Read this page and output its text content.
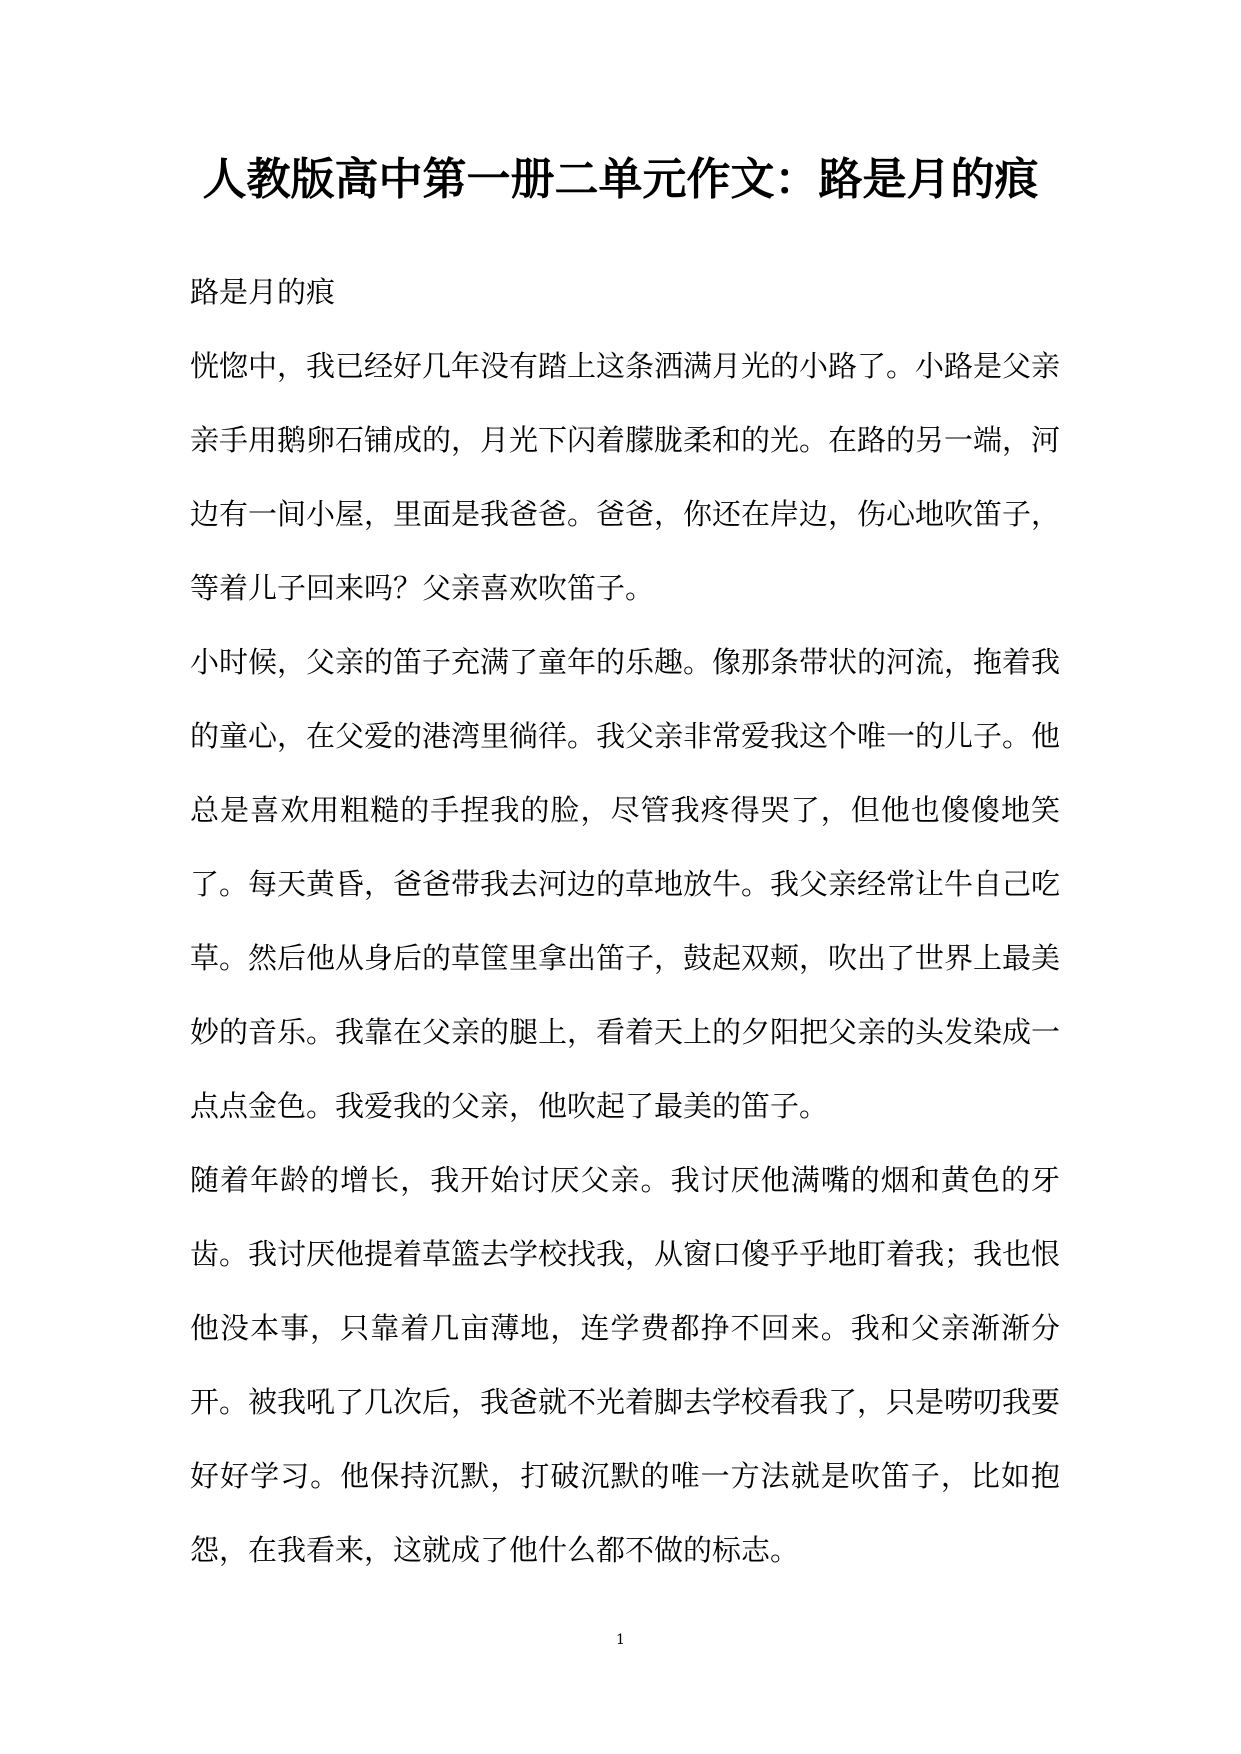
人教版高中第一册二单元作文：路是月的痕

路是月的痕

恍惚中，我已经好几年没有踏上这条洒满月光的小路了。小路是父亲亲手用鹅卵石铺成的，月光下闪着朦胧柔和的光。在路的另一端，河边有一间小屋，里面是我爸爸。爸爸，你还在岸边，伤心地吹笛子，等着儿子回来吗？父亲喜欢吹笛子。

小时候，父亲的笛子充满了童年的乐趣。像那条带状的河流，拖着我的童心，在父爱的港湾里徜徉。我父亲非常爱我这个唯一的儿子。他总是喜欢用粗糙的手捏我的脸，尽管我疼得哭了，但他也傻傻地笑了。每天黄昏，爸爸带我去河边的草地放牛。我父亲经常让牛自己吃草。然后他从身后的草筐里拿出笛子，鼓起双颊，吹出了世界上最美妙的音乐。我靠在父亲的腿上，看着天上的夕阳把父亲的头发染成一点点金色。我爱我的父亲，他吹起了最美的笛子。

随着年龄的增长，我开始讨厌父亲。我讨厌他满嘴的烟和黄色的牙齿。我讨厌他提着草篮去学校找我，从窗口傻乎乎地盯着我；我也恨他没本事，只靠着几亩薄地，连学费都挣不回来。我和父亲渐渐分开。被我吼了几次后，我爸就不光着脚去学校看我了，只是唠叨我要好好学习。他保持沉默，打破沉默的唯一方法就是吹笛子，比如抱怨，在我看来，这就成了他什么都不做的标志。

1
